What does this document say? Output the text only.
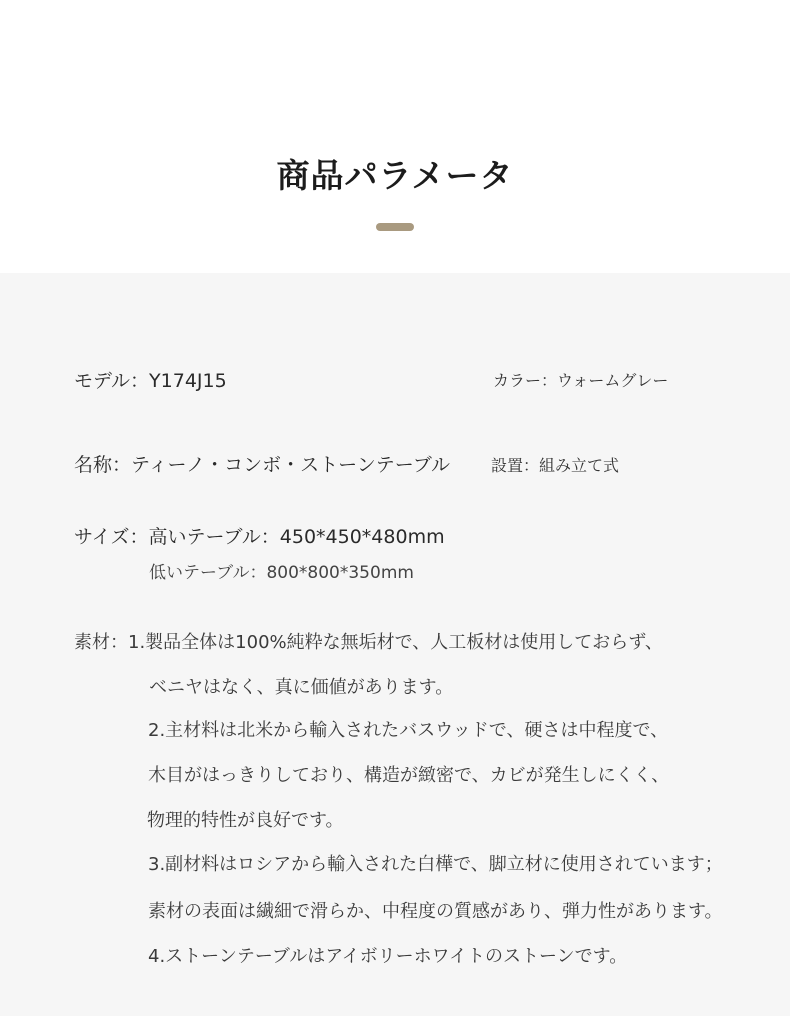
商品パラメータ
モデル：Y174J15	カラー：ウォームグレー
名称：ティーノ・コンボ・ストーンテーブル	設置：組み立て式
サイズ：高いテーブル：450*450*480mm
低いテーブル：800*800*350mm
素材：1.製品全体は100%純粋な無垢材で、人工板材は使用しておらず、
ベニヤはなく、真に価値があります。
2.主材料は北米から輸入されたバスウッドで、硬さは中程度で、
木目がはっきりしており、構造が緻密で、カビが発生しにくく、
物理的特性が良好です。
3.副材料はロシアから輸入された白樺で、脚立材に使用されています；
素材の表面は繊細で滑らか、中程度の質感があり、弾力性があります。
4.ストーンテーブルはアイボリーホワイトのストーンです。
